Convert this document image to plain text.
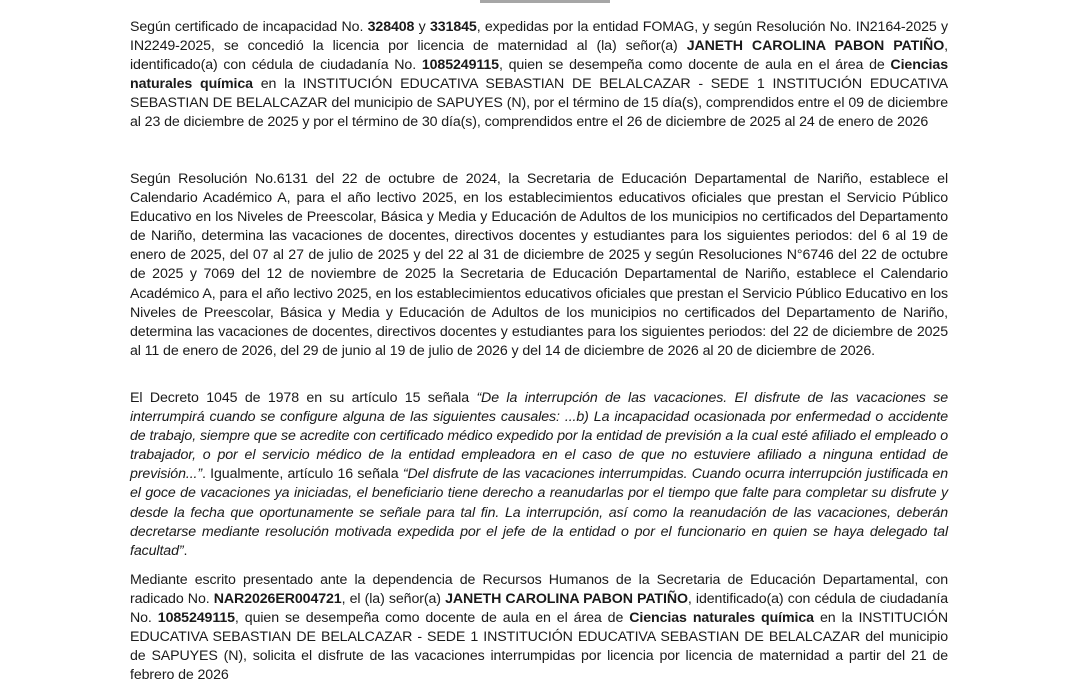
Según certificado de incapacidad No. 328408 y 331845, expedidas por la entidad FOMAG, y según Resolución No. IN2164-2025 y IN2249-2025, se concedió la licencia por licencia de maternidad al (la) señor(a) JANETH CAROLINA PABON PATIÑO, identificado(a) con cédula de ciudadanía No. 1085249115, quien se desempeña como docente de aula en el área de Ciencias naturales química en la INSTITUCIÓN EDUCATIVA SEBASTIAN DE BELALCAZAR - SEDE 1 INSTITUCIÓN EDUCATIVA SEBASTIAN DE BELALCAZAR del municipio de SAPUYES (N), por el término de 15 día(s), comprendidos entre el 09 de diciembre al 23 de diciembre de 2025 y por el término de 30 día(s), comprendidos entre el 26 de diciembre de 2025 al 24 de enero de 2026

Según Resolución No.6131 del 22 de octubre de 2024, la Secretaria de Educación Departamental de Nariño, establece el Calendario Académico A, para el año lectivo 2025, en los establecimientos educativos oficiales que prestan el Servicio Público Educativo en los Niveles de Preescolar, Básica y Media y Educación de Adultos de los municipios no certificados del Departamento de Nariño, determina las vacaciones de docentes, directivos docentes y estudiantes para los siguientes periodos: del 6 al 19 de enero de 2025, del 07 al 27 de julio de 2025 y del 22 al 31 de diciembre de 2025 y según Resoluciones N°6746 del 22 de octubre de 2025 y 7069 del 12 de noviembre de 2025 la Secretaria de Educación Departamental de Nariño, establece el Calendario Académico A, para el año lectivo 2025, en los establecimientos educativos oficiales que prestan el Servicio Público Educativo en los Niveles de Preescolar, Básica y Media y Educación de Adultos de los municipios no certificados del Departamento de Nariño, determina las vacaciones de docentes, directivos docentes y estudiantes para los siguientes periodos: del 22 de diciembre de 2025 al 11 de enero de 2026, del 29 de junio al 19 de julio de 2026 y del 14 de diciembre de 2026 al 20 de diciembre de 2026.

El Decreto 1045 de 1978 en su artículo 15 señala “De la interrupción de las vacaciones. El disfrute de las vacaciones se interrumpirá cuando se configure alguna de las siguientes causales: ...b) La incapacidad ocasionada por enfermedad o accidente de trabajo, siempre que se acredite con certificado médico expedido por la entidad de previsión a la cual esté afiliado el empleado o trabajador, o por el servicio médico de la entidad empleadora en el caso de que no estuviere afiliado a ninguna entidad de previsión...”. Igualmente, artículo 16 señala “Del disfrute de las vacaciones interrumpidas. Cuando ocurra interrupción justificada en el goce de vacaciones ya iniciadas, el beneficiario tiene derecho a reanudarlas por el tiempo que falte para completar su disfrute y desde la fecha que oportunamente se señale para tal fin. La interrupción, así como la reanudación de las vacaciones, deberán decretarse mediante resolución motivada expedida por el jefe de la entidad o por el funcionario en quien se haya delegado tal facultad”.

Mediante escrito presentado ante la dependencia de Recursos Humanos de la Secretaria de Educación Departamental, con radicado No. NAR2026ER004721, el (la) señor(a) JANETH CAROLINA PABON PATIÑO, identificado(a) con cédula de ciudadanía No. 1085249115, quien se desempeña como docente de aula en el área de Ciencias naturales química en la INSTITUCIÓN EDUCATIVA SEBASTIAN DE BELALCAZAR - SEDE 1 INSTITUCIÓN EDUCATIVA SEBASTIAN DE BELALCAZAR del municipio de SAPUYES (N), solicita el disfrute de las vacaciones interrumpidas por licencia por licencia de maternidad a partir del 21 de febrero de 2026
